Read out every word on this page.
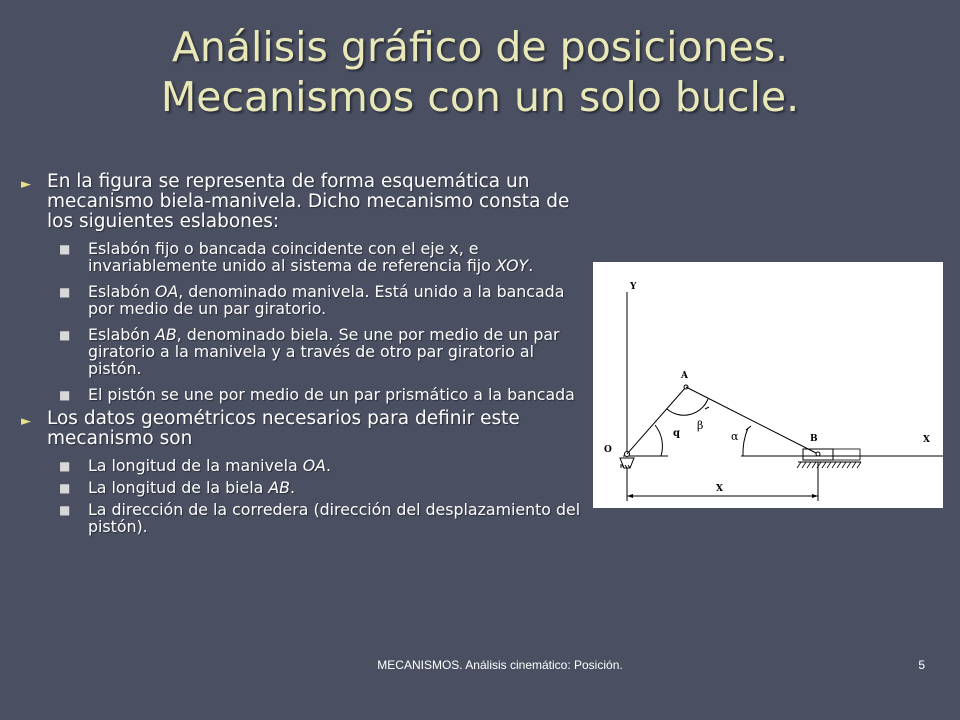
Análisis gráfico de posiciones.
Mecanismos con un solo bucle.
► En la figura se representa de forma esquemática un mecanismo biela-manivela. Dicho mecanismo consta de los siguientes eslabones:
■ Eslabón fijo o bancada coincidente con el eje x, e invariablemente unido al sistema de referencia fijo XOY.
■ Eslabón OA, denominado manivela. Está unido a la bancada por medio de un par giratorio.
■ Eslabón AB, denominado biela. Se une por medio de un par giratorio a la manivela y a través de otro par giratorio al pistón.
■ El pistón se une por medio de un par prismático a la bancada
► Los datos geométricos necesarios para definir este mecanismo son
■ La longitud de la manivela OA.
■ La longitud de la biela AB.
■ La dirección de la corredera (dirección del desplazamiento del pistón).
Y
X
O
A
q
β
α	B
X
MECANISMOS. Análisis cinemático: Posición.	5
